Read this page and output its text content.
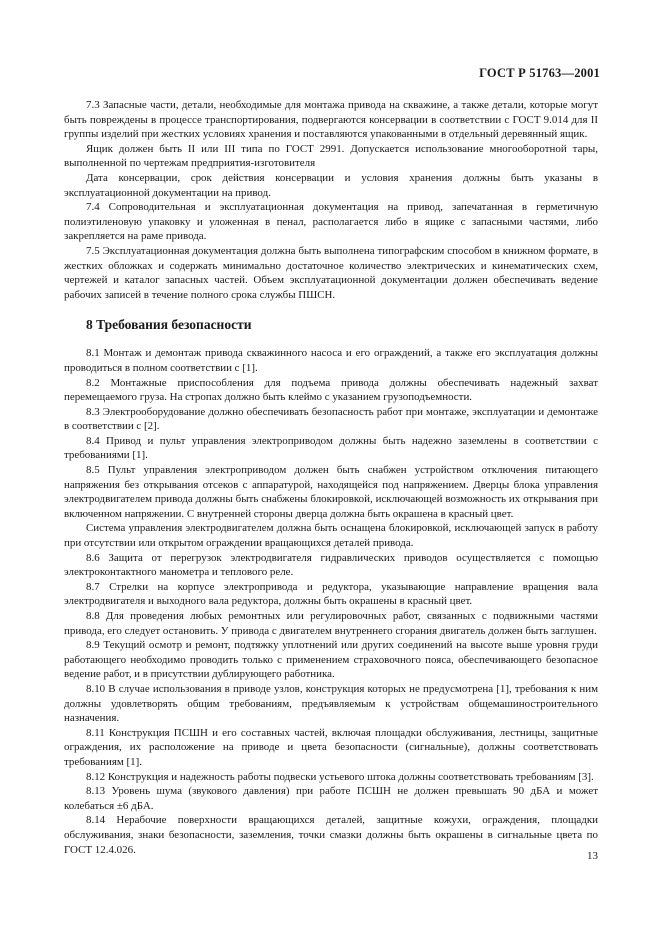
ГОСТ Р 51763—2001

7.3 Запасные части, детали, необходимые для монтажа привода на скважине, а также детали, которые могут быть повреждены в процессе транспортирования, подвергаются консервации в соответствии с ГОСТ 9.014 для II группы изделий при жестких условиях хранения и поставляются упакованными в отдельный деревянный ящик.

Ящик должен быть II или III типа по ГОСТ 2991. Допускается использование многооборотной тары, выполненной по чертежам предприятия-изготовителя

Дата консервации, срок действия консервации и условия хранения должны быть указаны в эксплуатационной документации на привод.

7.4 Сопроводительная и эксплуатационная документация на привод, запечатанная в герметичную полиэтиленовую упаковку и уложенная в пенал, располагается либо в ящике с запасными частями, либо закрепляется на раме привода.

7.5 Эксплуатационная документация должна быть выполнена типографским способом в книжном формате, в жестких обложках и содержать минимально достаточное количество электрических и кинематических схем, чертежей и каталог запасных частей. Объем эксплуатационной документации должен обеспечивать ведение рабочих записей в течение полного срока службы ПШСН.

8 Требования безопасности

8.1 Монтаж и демонтаж привода скважинного насоса и его ограждений, а также его эксплуатация должны проводиться в полном соответствии с [1].

8.2 Монтажные приспособления для подъема привода должны обеспечивать надежный захват перемещаемого груза. На стропах должно быть клеймо с указанием грузоподъемности.

8.3 Электрооборудование должно обеспечивать безопасность работ при монтаже, эксплуатации и демонтаже в соответствии с [2].

8.4 Привод и пульт управления электроприводом должны быть надежно заземлены в соответствии с требованиями [1].

8.5 Пульт управления электроприводом должен быть снабжен устройством отключения питающего напряжения без открывания отсеков с аппаратурой, находящейся под напряжением. Дверцы блока управления электродвигателем привода должны быть снабжены блокировкой, исключающей возможность их открывания при включенном напряжении. С внутренней стороны дверца должна быть окрашена в красный цвет.

Система управления электродвигателем должна быть оснащена блокировкой, исключающей запуск в работу при отсутствии или открытом ограждении вращающихся деталей привода.

8.6 Защита от перегрузок электродвигателя гидравлических приводов осуществляется с помощью электроконтактного манометра и теплового реле.

8.7 Стрелки на корпусе электропривода и редуктора, указывающие направление вращения вала электродвигателя и выходного вала редуктора, должны быть окрашены в красный цвет.

8.8 Для проведения любых ремонтных или регулировочных работ, связанных с подвижными частями привода, его следует остановить. У привода с двигателем внутреннего сгорания двигатель должен быть заглушен.

8.9 Текущий осмотр и ремонт, подтяжку уплотнений или других соединений на высоте выше уровня груди работающего необходимо проводить только с применением страховочного пояса, обеспечивающего безопасное ведение работ, и в присутствии дублирующего работника.

8.10 В случае использования в приводе узлов, конструкция которых не предусмотрена [1], требования к ним должны удовлетворять общим требованиям, предъявляемым к устройствам общемашиностроительного назначения.

8.11 Конструкция ПСШН и его составных частей, включая площадки обслуживания, лестницы, защитные ограждения, их расположение на приводе и цвета безопасности (сигнальные), должны соответствовать требованиям [1].

8.12 Конструкция и надежность работы подвески устьевого штока должны соответствовать требованиям [3].

8.13 Уровень шума (звукового давления) при работе ПСШН не должен превышать 90 дБА и может колебаться ±6 дБА.

8.14 Нерабочие поверхности вращающихся деталей, защитные кожухи, ограждения, площадки обслуживания, знаки безопасности, заземления, точки смазки должны быть окрашены в сигнальные цвета по ГОСТ 12.4.026.

13
